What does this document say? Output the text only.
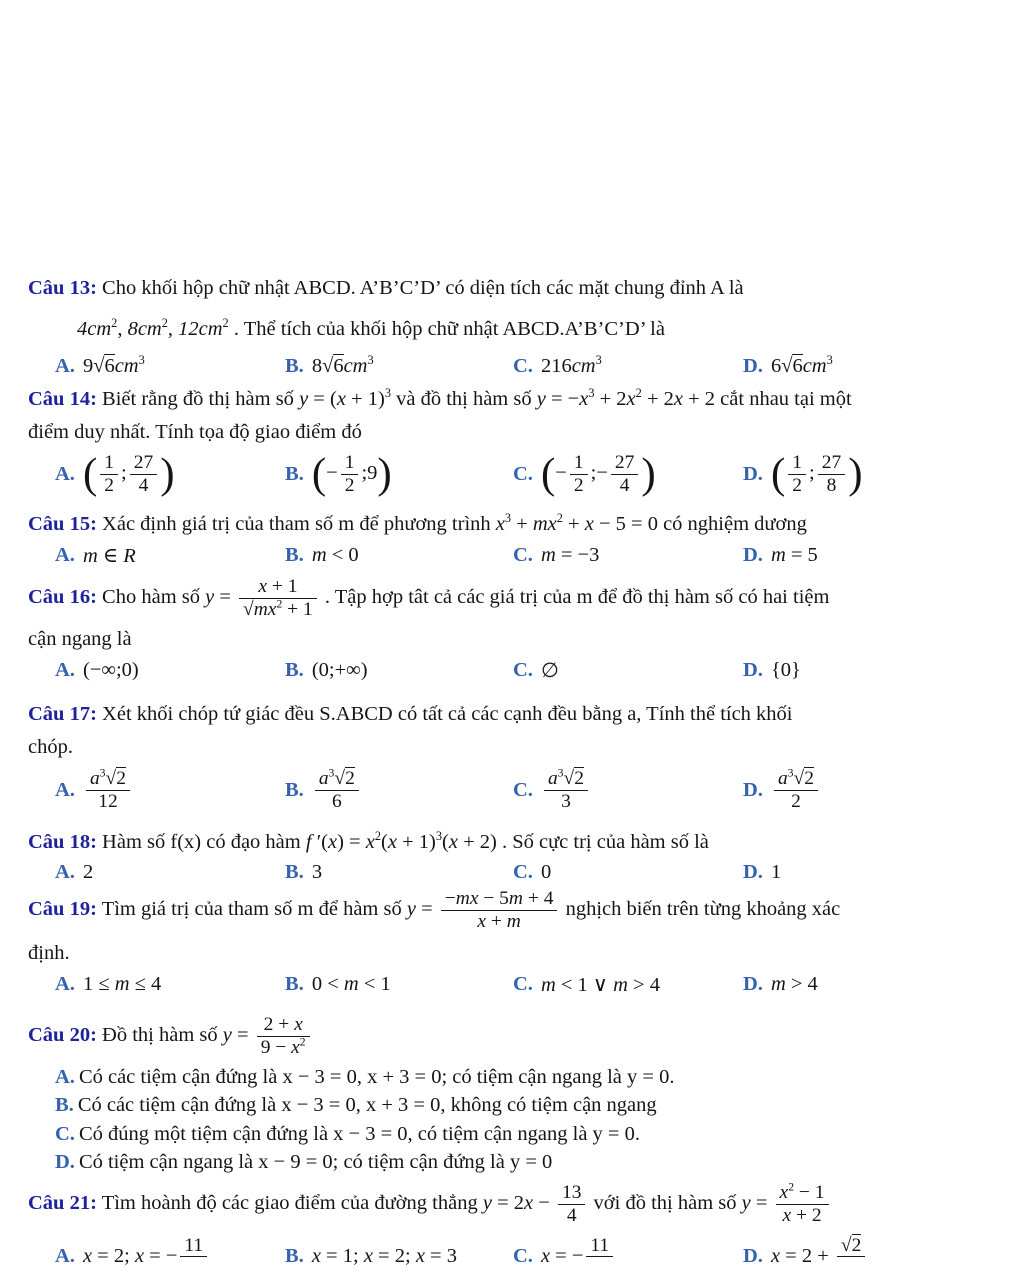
Câu 13: Cho khối hộp chữ nhật ABCD. A’B’C’D’ có diện tích các mặt chung đỉnh A là

$4cm^2$, $8cm^2$, $12cm^2$ . Thể tích của khối hộp chữ nhật ABCD.A’B’C’D’ là

A. $9√6cm^3$	B. $8√6cm^3$	C. $216cm^3$	D. $6√6cm^3$

Câu 14: Biết rằng đồ thị hàm số $y = (x + 1)^3$ và đồ thị hàm số $y = -x^3 + 2x^2 + 2x + 2$ cắt nhau tại một

điểm duy nhất. Tính tọa độ giao điểm đó

A. ( $\frac{1}{2}$ ; $\frac{27}{4}$ )	B. (− $\frac{1}{2}$ ;9)	C. (− $\frac{1}{2}$ ;− $\frac{27}{4}$ )	D. ( $\frac{1}{2}$ ; $\frac{27}{8}$ )

Câu 15: Xác định giá trị của tham số m để phương trình $x^3 + mx^2 + x - 5 = 0$ có nghiệm dương

A. m ∈ R	B. m < 0	C. m = −3	D. m = 5

Câu 16: Cho hàm số $y = \frac{x + 1}{√mx^2 + 1}$ . Tập hợp tât cả các giá trị của m để đồ thị hàm số có hai tiệm

cận ngang là

A. (−∞;0)	B. (0;+∞)	C. ∅	D. {0}

Câu 17: Xét khối chóp tứ giác đều S.ABCD có tất cả các cạnh đều bằng a, Tính thể tích khối

chóp.

A. $\frac{a^3√2}{12}$	B. $\frac{a^3√2}{6}$	C. $\frac{a^3√2}{3}$	D. $\frac{a^3√2}{2}$

Câu 18: Hàm số f(x) có đạo hàm f $'(x) = x^2(x + 1)^3(x + 2)$ . Số cực trị của hàm số là

A. 2	B. 3	C. 0	D. 1

Câu 19: Tìm giá trị của tham số m để hàm số $y = \frac{-mx - 5m + 4}{x + m}$ nghịch biến trên từng khoảng xác

định.

A. 1 ≤ m ≤ 4	B. 0 < m < 1	C. m < 1 ∨ m > 4	D. m > 4

Câu 20: Đồ thị hàm số $y = \frac{2 + x}{9 - x^2}$

A. Có các tiệm cận đứng là x − 3 = 0, x + 3 = 0; có tiệm cận ngang là y = 0.

B. Có các tiệm cận đứng là x − 3 = 0, x + 3 = 0, không có tiệm cận ngang

C. Có đúng một tiệm cận đứng là x − 3 = 0, có tiệm cận ngang là y = 0.

D. Có tiệm cận ngang là x − 9 = 0; có tiệm cận đứng là y = 0

Câu 21: Tìm hoành độ các giao điểm của đường thẳng $y = 2x - \frac{13}{4}$ với đồ thị hàm số $y = \frac{x^2 - 1}{x + 2}$

A. x = 2; x = − 11

B. x = 1; x = 2; x = 3	C. x = − 11

D. x = 2 + √2
